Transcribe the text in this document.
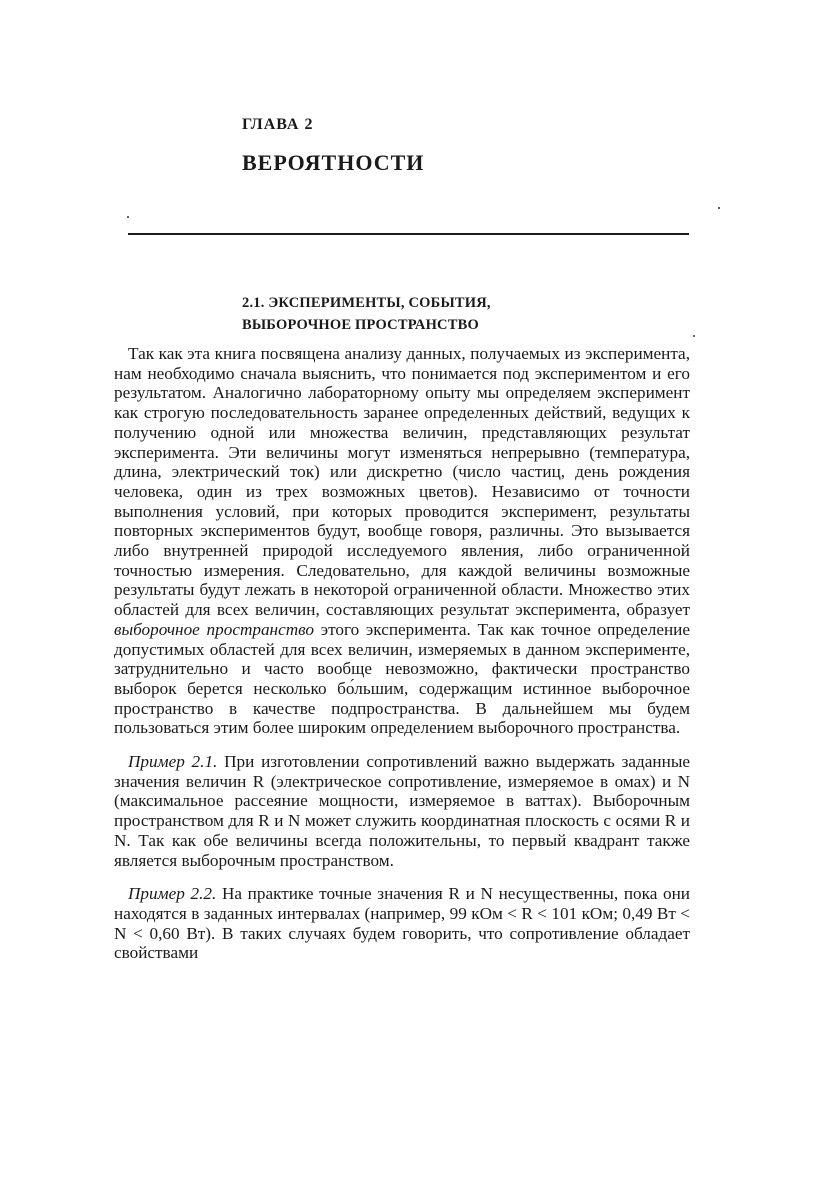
ГЛАВА 2
ВЕРОЯТНОСТИ
2.1. ЭКСПЕРИМЕНТЫ, СОБЫТИЯ,
ВЫБОРОЧНОЕ ПРОСТРАНСТВО

Так как эта книга посвящена анализу данных, получаемых из эксперимента, нам необходимо сначала выяснить, что понимается под экспериментом и его результатом. Аналогично лабораторному опыту мы определяем эксперимент как строгую последовательность заранее определенных действий, ведущих к получению одной или множества величин, представляющих результат эксперимента. Эти величины могут изменяться непрерывно (температура, длина, электрический ток) или дискретно (число частиц, день рождения человека, один из трех возможных цветов). Независимо от точности выполнения условий, при которых проводится эксперимент, результаты повторных экспериментов будут, вообще говоря, различны. Это вызывается либо внутренней природой исследуемого явления, либо ограниченной точностью измерения. Следовательно, для каждой величины возможные результаты будут лежать в некоторой ограниченной области. Множество этих областей для всех величин, составляющих результат эксперимента, образует выборочное пространство этого эксперимента. Так как точное определение допустимых областей для всех величин, измеряемых в данном эксперименте, затруднительно и часто вообще невозможно, фактически пространство выборок берется несколько бо́льшим, содержащим истинное выборочное пространство в качестве подпространства. В дальнейшем мы будем пользоваться этим более широким определением выборочного пространства.

Пример 2.1. При изготовлении сопротивлений важно выдержать заданные значения величин R (электрическое сопротивление, измеряемое в омах) и N (максимальное рассеяние мощности, измеряемое в ваттах). Выборочным пространством для R и N может служить координатная плоскость с осями R и N. Так как обе величины всегда положительны, то первый квадрант также является выборочным пространством.

Пример 2.2. На практике точные значения R и N несущественны, пока они находятся в заданных интервалах (например, 99 кОм < R < 101 кОм; 0,49 Вт < N < 0,60 Вт). В таких случаях будем говорить, что сопротивление обладает свойствами
